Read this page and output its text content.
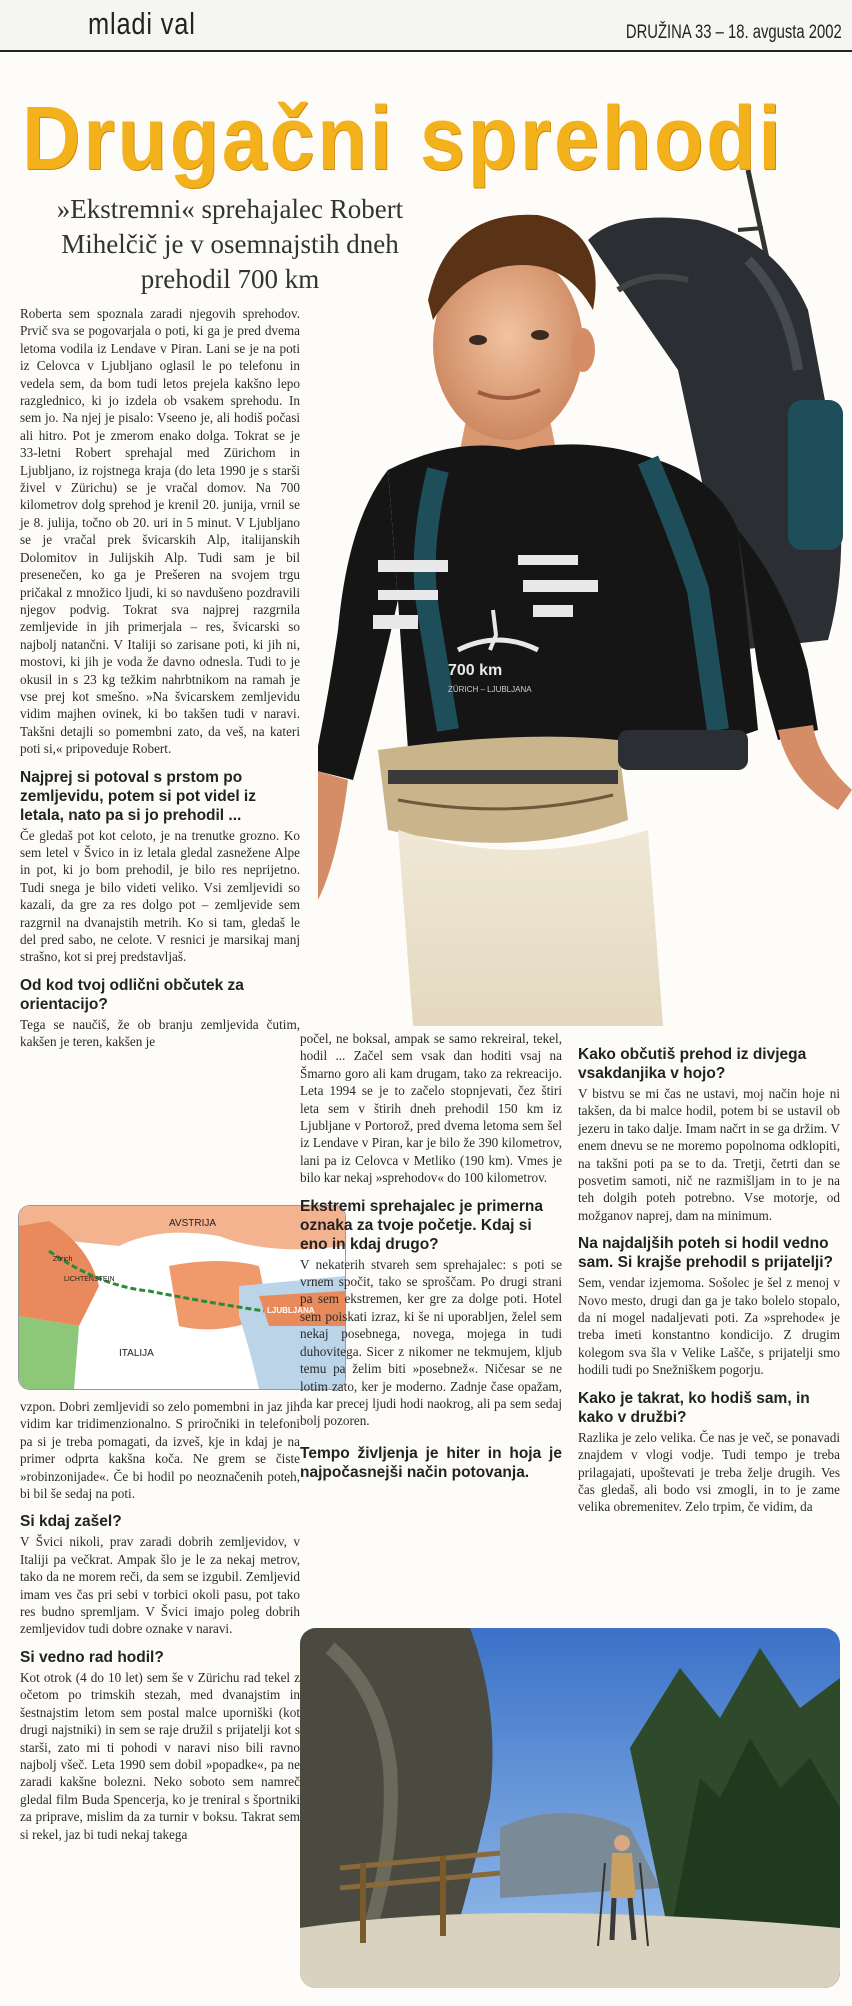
mladi val	DRUŽINA 33 – 18. avgusta 2002
Drugačni sprehodi
»Ekstremni« sprehajalec Robert Mihelčič je v osemnajstih dneh prehodil 700 km
700 km
ZÜRICH – LJUBLJANA

Roberta sem spoznala zaradi njegovih sprehodov. Prvič sva se pogovarjala o poti, ki ga je pred dvema letoma vodila iz Lendave v Piran. Lani se je na poti iz Celovca v Ljubljano oglasil le po telefonu in vedela sem, da bom tudi letos prejela kakšno lepo razglednico, ki jo izdela ob vsakem sprehodu. In sem jo. Na njej je pisalo: Vseeno je, ali hodiš počasi ali hitro. Pot je zmerom enako dolga. Tokrat se je 33-letni Robert sprehajal med Zürichom in Ljubljano, iz rojstnega kraja (do leta 1990 je s starši živel v Zürichu) se je vračal domov. Na 700 kilometrov dolg sprehod je krenil 20. junija, vrnil se je 8. julija, točno ob 20. uri in 5 minut. V Ljubljano se je vračal prek švicarskih Alp, italijanskih Dolomitov in Julijskih Alp. Tudi sam je bil presenečen, ko ga je Prešeren na svojem trgu pričakal z množico ljudi, ki so navdušeno pozdravili njegov podvig. Tokrat sva najprej razgrnila zemljevide in jih primerjala – res, švicarski so najbolj natančni. V Italiji so zarisane poti, ki jih ni, mostovi, ki jih je voda že davno odnesla. Tudi to je okusil in s 23 kg težkim nahrbtnikom na ramah je vse prej kot smešno. »Na švicarskem zemljevidu vidim majhen ovinek, ki bo takšen tudi v naravi. Takšni detajli so pomembni zato, da veš, na kateri poti si,« pripoveduje Robert.

Najprej si potoval s prstom po zemljevidu, potem si pot videl iz letala, nato pa si jo prehodil ...

Če gledaš pot kot celoto, je na trenutke grozno. Ko sem letel v Švico in iz letala gledal zasnežene Alpe in pot, ki jo bom prehodil, je bilo res neprijetno. Tudi snega je bilo videti veliko. Vsi zemljevidi so kazali, da gre za res dolgo pot – zemljevide sem razgrnil na dvanajstih metrih. Ko si tam, gledaš le del pred sabo, ne celote. V resnici je marsikaj manj strašno, kot si prej predstavljaš.

Od kod tvoj odlični občutek za orientacijo?

Tega se naučiš, že ob branju zemljevida čutim, kakšen je teren, kakšen je

Zürich
LICHTENSTEIN
AVSTRIJA
ITALIJA
LJUBLJANA

vzpon. Dobri zemljevidi so zelo pomembni in jaz jih vidim kar tridimenzionalno. S priročniki in telefoni pa si je treba pomagati, da izveš, kje in kdaj je na primer odprta kakšna koča. Ne grem se čiste »robinzonijade«. Če bi hodil po neoznačenih poteh, bi bil še sedaj na poti.

Si kdaj zašel?

V Švici nikoli, prav zaradi dobrih zemljevidov, v Italiji pa večkrat. Ampak šlo je le za nekaj metrov, tako da ne morem reči, da sem se izgubil. Zemljevid imam ves čas pri sebi v torbici okoli pasu, pot tako res budno spremljam. V Švici imajo poleg dobrih zemljevidov tudi dobre oznake v naravi.

Si vedno rad hodil?

Kot otrok (4 do 10 let) sem še v Zürichu rad tekel z očetom po trimskih stezah, med dvanajstim in šestnajstim letom sem postal malce uporniški (kot drugi najstniki) in sem se raje družil s prijatelji kot s starši, zato mi ti pohodi v naravi niso bili ravno najbolj všeč. Leta 1990 sem dobil »popadke«, pa ne zaradi kakšne bolezni. Neko soboto sem namreč gledal film Buda Spencerja, ko je treniral s športniki za priprave, mislim da za turnir v boksu. Takrat sem si rekel, jaz bi tudi nekaj takega

počel, ne boksal, ampak se samo rekreiral, tekel, hodil ... Začel sem vsak dan hoditi vsaj na Šmarno goro ali kam drugam, tako za rekreacijo. Leta 1994 se je to začelo stopnjevati, čez štiri leta sem v štirih dneh prehodil 150 km iz Ljubljane v Portorož, pred dvema letoma sem šel iz Lendave v Piran, kar je bilo že 390 kilometrov, lani pa iz Celovca v Metliko (190 km). Vmes je bilo kar nekaj »sprehodov« do 100 kilometrov.

Ekstremi sprehajalec je primerna oznaka za tvoje početje. Kdaj si eno in kdaj drugo?

V nekaterih stvareh sem sprehajalec: s poti se vrnem spočit, tako se sproščam. Po drugi strani pa sem ekstremen, ker gre za dolge poti. Hotel sem poiskati izraz, ki še ni uporabljen, želel sem nekaj posebnega, novega, mojega in tudi duhovitega. Sicer z nikomer ne tekmujem, kljub temu pa želim biti »posebnež«. Ničesar se ne lotim zato, ker je moderno. Zadnje čase opažam, da kar precej ljudi hodi naokrog, ali pa sem sedaj bolj pozoren.

Tempo življenja je hiter in hoja je najpočasnejši način potovanja.
Kako občutiš prehod iz divjega vsakdanjika v hojo?

V bistvu se mi čas ne ustavi, moj način hoje ni takšen, da bi malce hodil, potem bi se ustavil ob jezeru in tako dalje. Imam načrt in se ga držim. V enem dnevu se ne moremo popolnoma odklopiti, na takšni poti pa se to da. Tretji, četrti dan se posvetim samoti, nič ne razmišljam in to je na teh dolgih poteh potrebno. Vse motorje, od možganov naprej, dam na minimum.

Na najdaljših poteh si hodil vedno sam. Si krajše prehodil s prijatelji?

Sem, vendar izjemoma. Sošolec je šel z menoj v Novo mesto, drugi dan ga je tako bolelo stopalo, da ni mogel nadaljevati poti. Za »sprehode« je treba imeti konstantno kondicijo. Z drugim kolegom sva šla v Velike Lašče, s prijatelji smo hodili tudi po Snežniškem pogorju.

Kako je takrat, ko hodiš sam, in kako v družbi?

Razlika je zelo velika. Če nas je več, se ponavadi znajdem v vlogi vodje. Tudi tempo je treba prilagajati, upoštevati je treba želje drugih. Ves čas gledaš, ali bodo vsi zmogli, in to je zame velika obremenitev. Zelo trpim, če vidim, da
